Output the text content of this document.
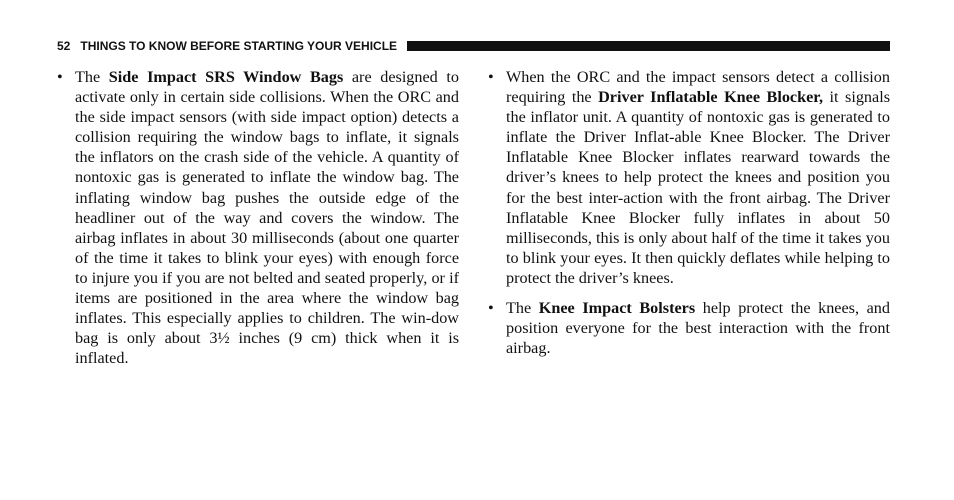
52 THINGS TO KNOW BEFORE STARTING YOUR VEHICLE

• The Side Impact SRS Window Bags are designed to activate only in certain side collisions. When the ORC and the side impact sensors (with side impact option) detects a collision requiring the window bags to inflate, it signals the inflators on the crash side of the vehicle. A quantity of nontoxic gas is generated to inflate the window bag. The inflating window bag pushes the outside edge of the headliner out of the way and covers the window. The airbag inflates in about 30 milliseconds (about one quarter of the time it takes to blink your eyes) with enough force to injure you if you are not belted and seated properly, or if items are positioned in the area where the window bag inflates. This especially applies to children. The win-dow bag is only about 3½ inches (9 cm) thick when it is inflated.

• When the ORC and the impact sensors detect a collision requiring the Driver Inflatable Knee Blocker, it signals the inflator unit. A quantity of nontoxic gas is generated to inflate the Driver Inflat-able Knee Blocker. The Driver Inflatable Knee Blocker inflates rearward towards the driver’s knees to help protect the knees and position you for the best inter-action with the front airbag. The Driver Inflatable Knee Blocker fully inflates in about 50 milliseconds, this is only about half of the time it takes you to blink your eyes. It then quickly deflates while helping to protect the driver’s knees.

• The Knee Impact Bolsters help protect the knees, and position everyone for the best interaction with the front airbag.
